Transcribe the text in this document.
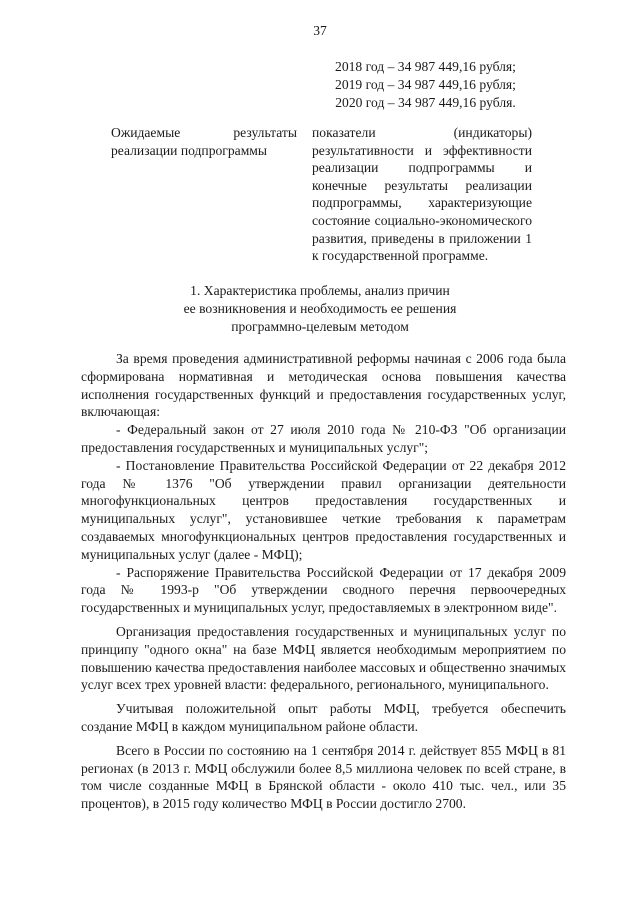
37
2018 год – 34 987 449,16 рубля;
2019 год – 34 987 449,16 рубля;
2020 год – 34 987 449,16 рубля.
Ожидаемые результаты реализации подпрограммы
показатели (индикаторы) результативности и эффективности реализации подпрограммы и конечные результаты реализации подпрограммы, характеризующие состояние социально-экономического развития, приведены в приложении 1 к государственной программе.
1. Характеристика проблемы, анализ причин
ее возникновения и необходимость ее решения
программно-целевым методом

За время проведения административной реформы начиная с 2006 года была сформирована нормативная и методическая основа повышения качества исполнения государственных функций и предоставления государственных услуг, включающая:

- Федеральный закон от 27 июля 2010 года № 210-ФЗ "Об организации предоставления государственных и муниципальных услуг";

- Постановление Правительства Российской Федерации от 22 декабря 2012 года № 1376 "Об утверждении правил организации деятельности многофункциональных центров предоставления государственных и муниципальных услуг", установившее четкие требования к параметрам создаваемых многофункциональных центров предоставления государственных и муниципальных услуг (далее - МФЦ);

- Распоряжение Правительства Российской Федерации от 17 декабря 2009 года № 1993-р "Об утверждении сводного перечня первоочередных государственных и муниципальных услуг, предоставляемых в электронном виде".

Организация предоставления государственных и муниципальных услуг по принципу "одного окна" на базе МФЦ является необходимым мероприятием по повышению качества предоставления наиболее массовых и общественно значимых услуг всех трех уровней власти: федерального, регионального, муниципального.

Учитывая положительной опыт работы МФЦ, требуется обеспечить создание МФЦ в каждом муниципальном районе области.

Всего в России по состоянию на 1 сентября 2014 г. действует 855 МФЦ в 81 регионах (в 2013 г. МФЦ обслужили более 8,5 миллиона человек по всей стране, в том числе созданные МФЦ в Брянской области - около 410 тыс. чел., или 35 процентов), в 2015 году количество МФЦ в России достигло 2700.
